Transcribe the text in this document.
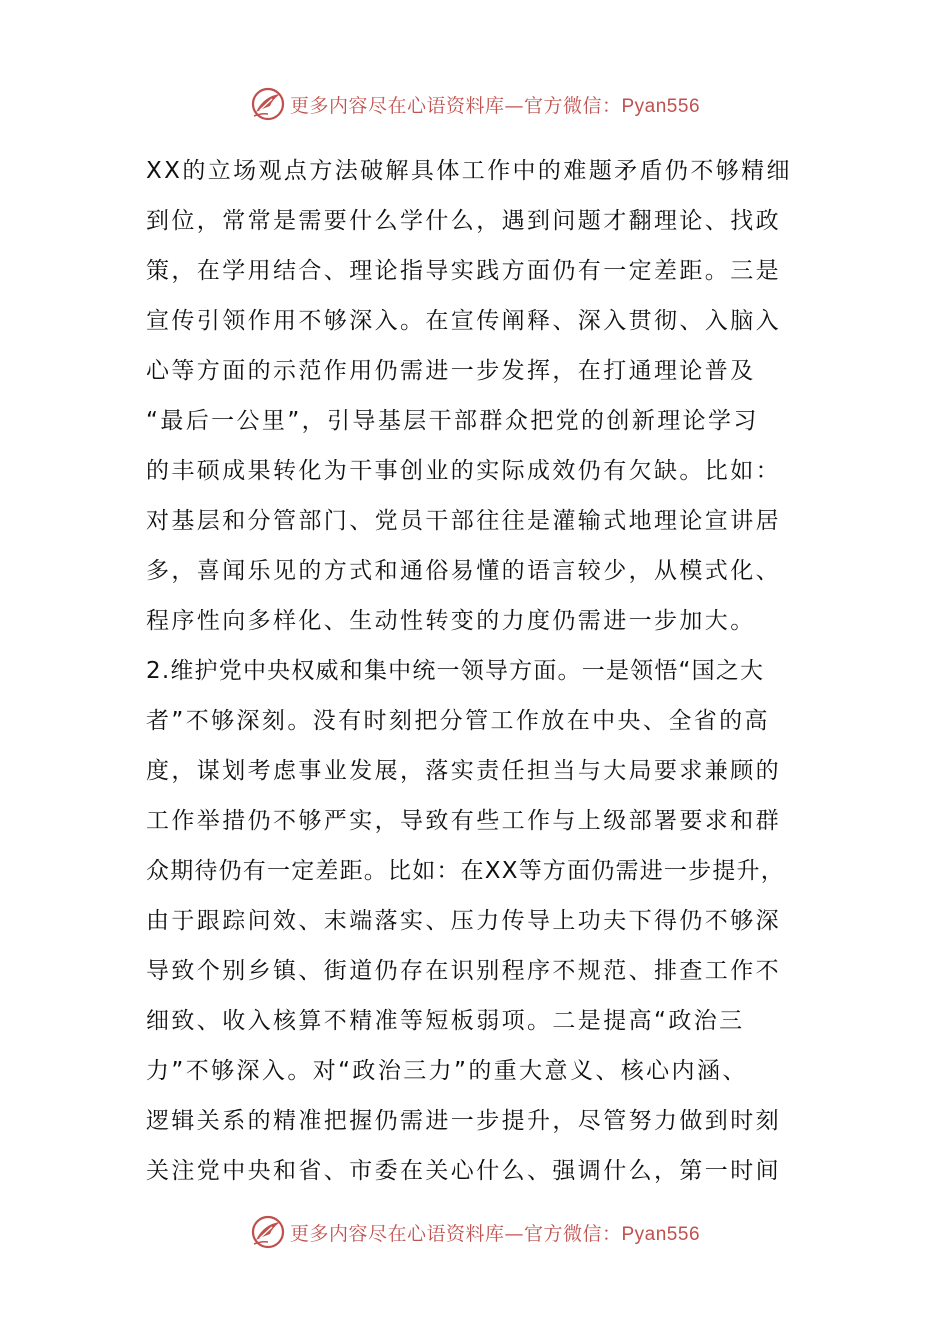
更多内容尽在心语资料库—官方微信：Pyan556
XX的立场观点方法破解具体工作中的难题矛盾仍不够精细
到位，常常是需要什么学什么，遇到问题才翻理论、找政
策，在学用结合、理论指导实践方面仍有一定差距。三是
宣传引领作用不够深入。在宣传阐释、深入贯彻、入脑入
心等方面的示范作用仍需进一步发挥，在打通理论普及
“最后一公里”，引导基层干部群众把党的创新理论学习
的丰硕成果转化为干事创业的实际成效仍有欠缺。比如：
对基层和分管部门、党员干部往往是灌输式地理论宣讲居
多，喜闻乐见的方式和通俗易懂的语言较少，从模式化、
程序性向多样化、生动性转变的力度仍需进一步加大。
2.维护党中央权威和集中统一领导方面。一是领悟“国之大
者”不够深刻。没有时刻把分管工作放在中央、全省的高
度，谋划考虑事业发展，落实责任担当与大局要求兼顾的
工作举措仍不够严实，导致有些工作与上级部署要求和群
众期待仍有一定差距。比如：在XX等方面仍需进一步提升，
由于跟踪问效、末端落实、压力传导上功夫下得仍不够深
导致个别乡镇、街道仍存在识别程序不规范、排查工作不
细致、收入核算不精准等短板弱项。二是提高“政治三
力”不够深入。对“政治三力”的重大意义、核心内涵、
逻辑关系的精准把握仍需进一步提升，尽管努力做到时刻
关注党中央和省、市委在关心什么、强调什么，第一时间
更多内容尽在心语资料库—官方微信：Pyan556
